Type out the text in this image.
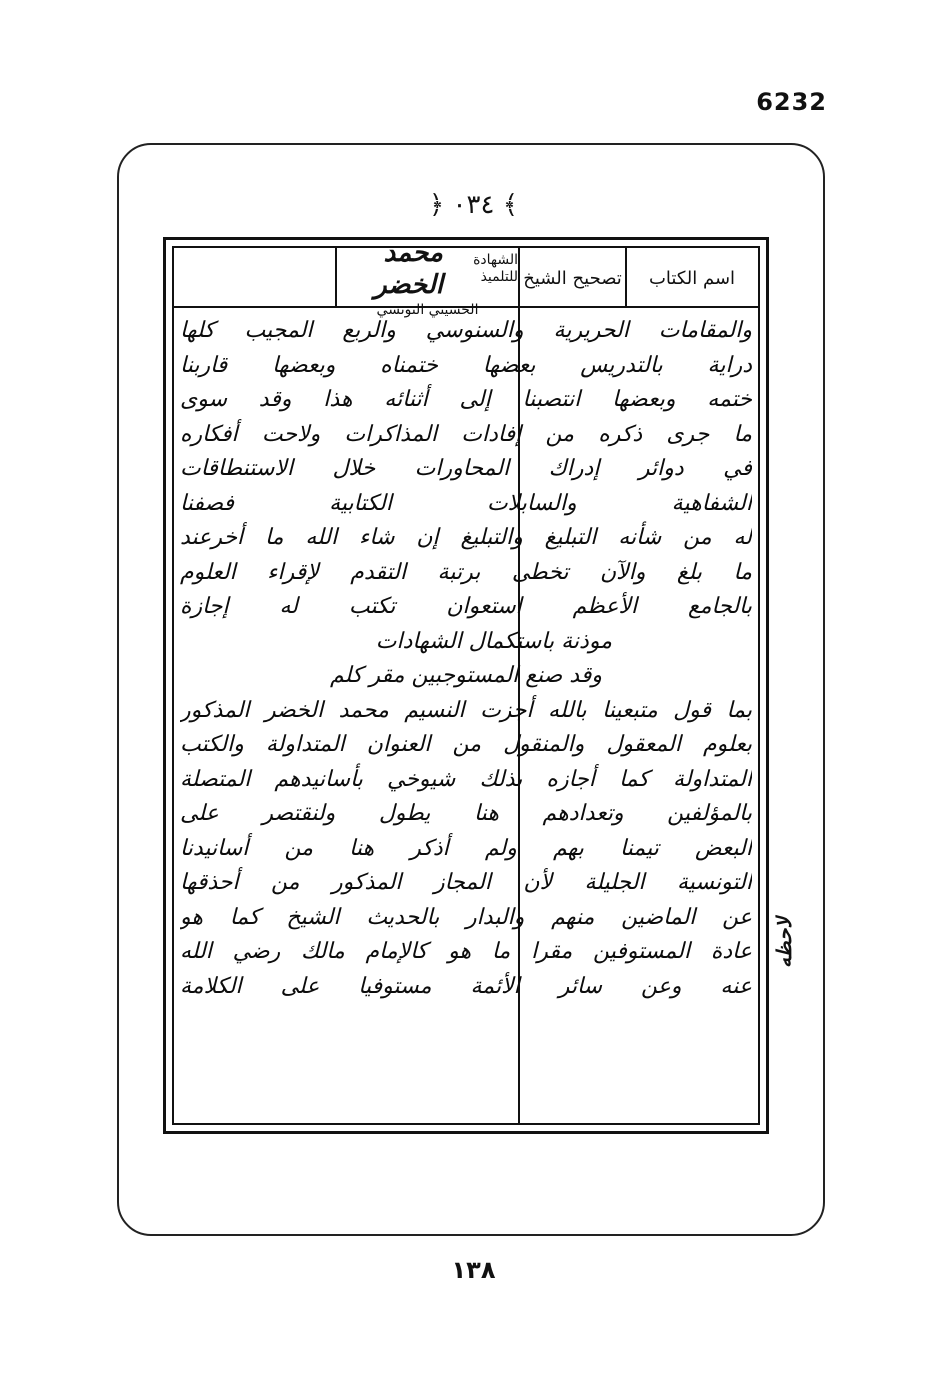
6232
﴿ ٠٣٤ ﴾
اسم الكتاب
تصحيح الشيخ
الشهادة للتلميذ
محمد الخضر
الحسيني التونسي
والمقامات الحريرية والسنوسي والربع المجيب كلها
دراية بالتدريس بعضها ختمناه وبعضها قاربنا
ختمه وبعضها انتصبنا إلى أثنائه هذا وقد سوى
ما جرى ذكره من إفادات المذاكرات ولاحت أفكاره
في دوائر إدراك المحاورات خلال الاستنطاقات
الشفاهية والسابلات الكتابية فصفنا
له من شأنه التبليغ والتبليغ إن شاء الله ما أخرعند
ما بلغ والآن تخطى برتبة التقدم لإقراء العلوم
بالجامع الأعظم استعوان تكتب له إجازة
موذنة باستكمال الشهادات
وقد صنع المستوجبين مقر كلم
بما قول متبعينا بالله أجزت النسيم محمد الخضر المذكور
بعلوم المعقول والمنقول من العنوان المتداولة والكتب
المتداولة كما أجازه بذلك شيوخي بأسانيدهم المتصلة
بالمؤلفين وتعدادهم هنا يطول ولنقتصر على
البعض تيمنا بهم ولم أذكر هنا من أسانيدنا
التونسية الجليلة لأن المجاز المذكور من أحذقها
عن الماضين منهم والبدار بالحديث الشيخ كما هو
عادة المستوفين مقرا ما هو كالإمام مالك رضي الله
عنه وعن سائر الأئمة مستوفيا على الكلامة
لاحظه
١٣٨
